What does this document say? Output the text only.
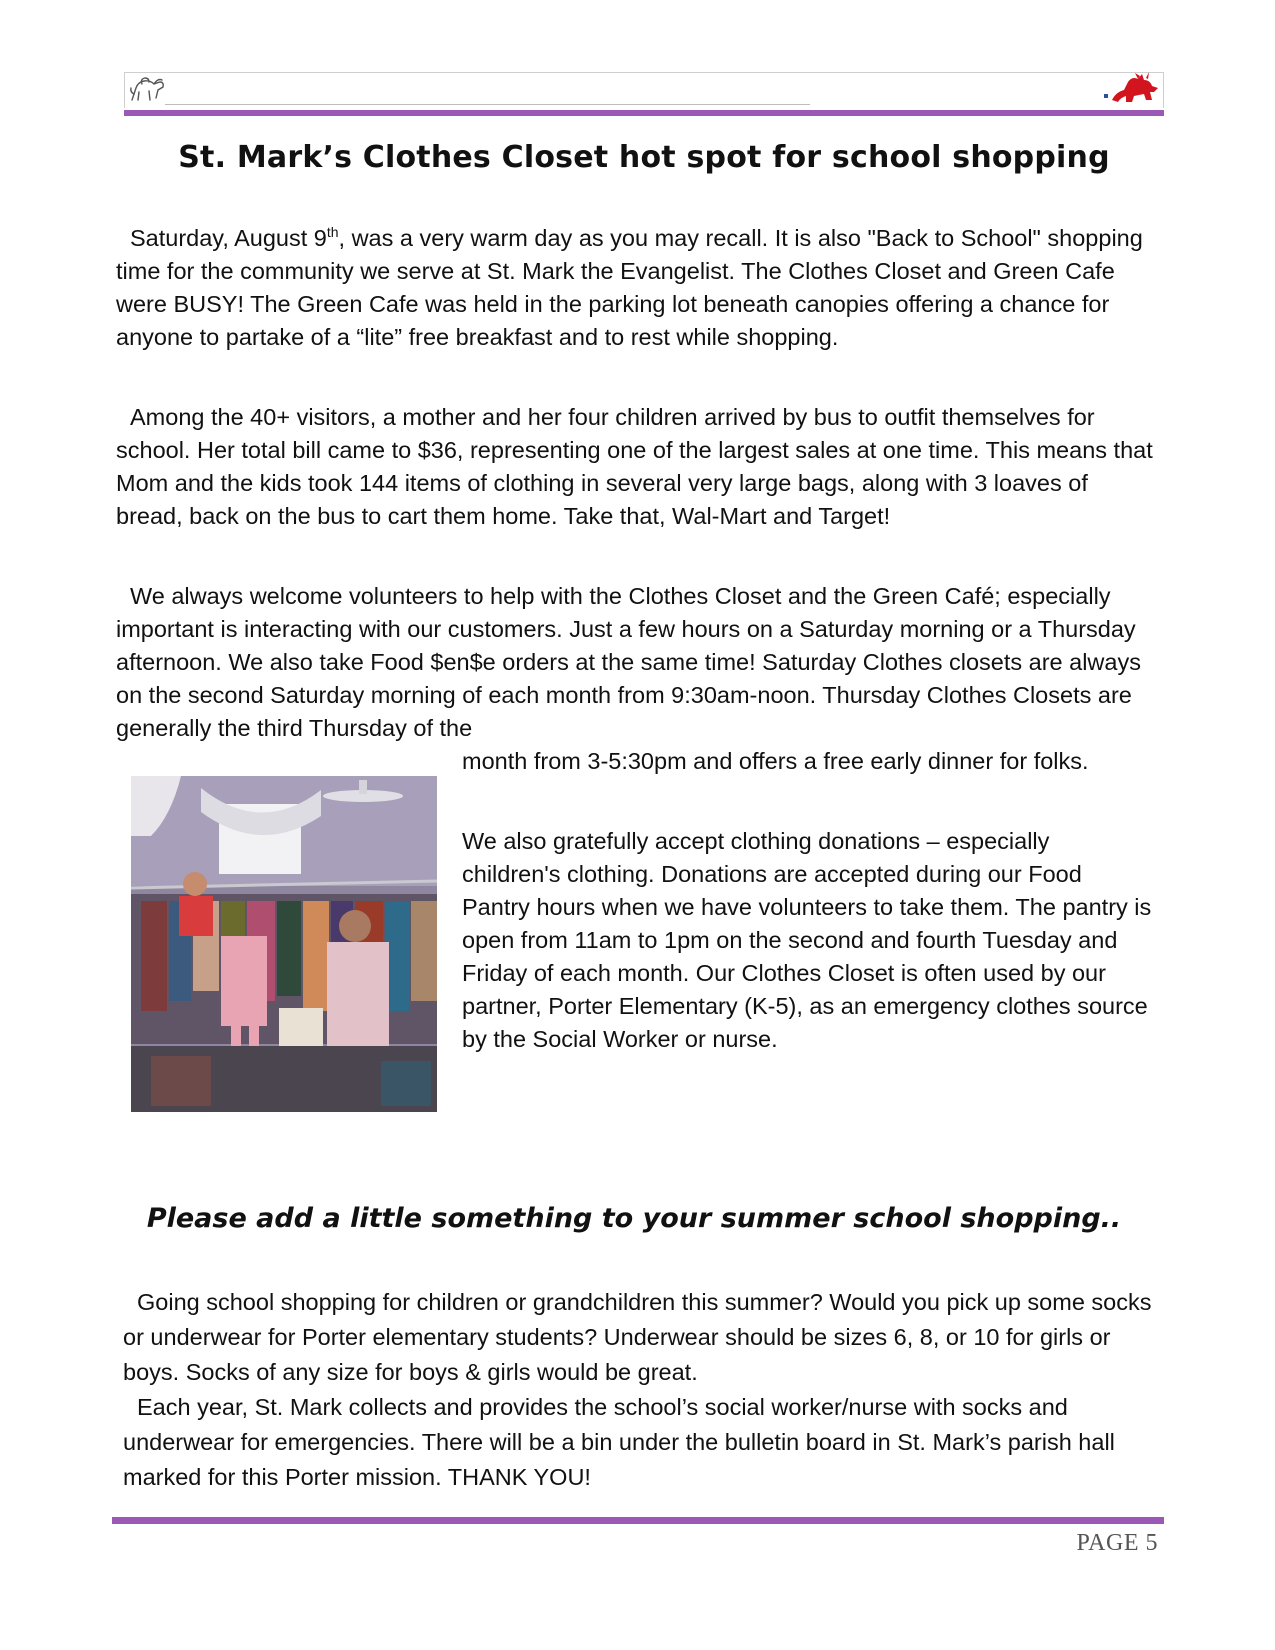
St. Mark’s Clothes Closet hot spot for school shopping

Saturday, August 9th, was a very warm day as you may recall. It is also "Back to School" shopping time for the community we serve at St. Mark the Evangelist. The Clothes Closet and Green Cafe were BUSY! The Green Cafe was held in the parking lot beneath canopies offering a chance for anyone to partake of a “lite” free breakfast and to rest while shopping.

Among the 40+ visitors, a mother and her four children arrived by bus to outfit themselves for school. Her total bill came to $36, representing one of the largest sales at one time. This means that Mom and the kids took 144 items of clothing in several very large bags, along with 3 loaves of bread, back on the bus to cart them home. Take that, Wal-Mart and Target!

We always welcome volunteers to help with the Clothes Closet and the Green Café; especially important is interacting with our customers. Just a few hours on a Saturday morning or a Thursday afternoon. We also take Food $en$e orders at the same time! Saturday Clothes closets are always on the second Saturday morning of each month from 9:30am-noon. Thursday Clothes Closets are generally the third Thursday of the

month from 3-5:30pm and offers a free early dinner for folks.

We also gratefully accept clothing donations – especially children's clothing. Donations are accepted during our Food Pantry hours when we have volunteers to take them. The pantry is open from 11am to 1pm on the second and fourth Tuesday and Friday of each month. Our Clothes Closet is often used by our partner, Porter Elementary (K-5), as an emergency clothes source by the Social Worker or nurse.

Please add a little something to your summer school shopping..

Going school shopping for children or grandchildren this summer? Would you pick up some socks or underwear for Porter elementary students? Underwear should be sizes 6, 8, or 10 for girls or boys. Socks of any size for boys & girls would be great.

Each year, St. Mark collects and provides the school’s social worker/nurse with socks and underwear for emergencies. There will be a bin under the bulletin board in St. Mark’s parish hall marked for this Porter mission. THANK YOU!

PAGE 5
